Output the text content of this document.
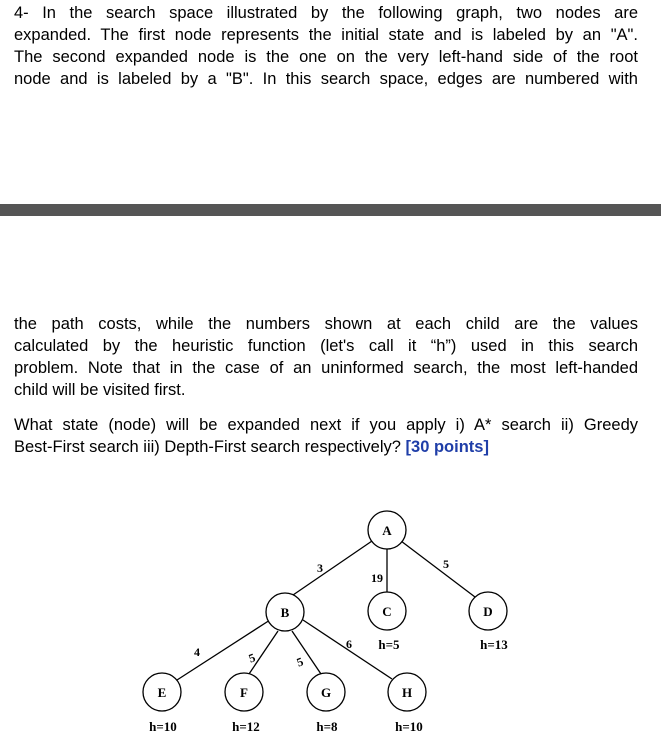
4- In the search space illustrated by the following graph, two nodes are
expanded. The first node represents the initial state and is labeled by an "A".
The second expanded node is the one on the very left-hand side of the root
node and is labeled by a "B". In this search space, edges are numbered with
the path costs, while the numbers shown at each child are the values
calculated by the heuristic function (let's call it “h”) used in this search
problem. Note that in the case of an uninformed search, the most left-handed
child will be visited first.
What state (node) will be expanded next if you apply i) A* search ii) Greedy
Best-First search iii) Depth-First search respectively? [30 points]
3
19
5
4	5	5
6
A
B	C	D
E	F	G	H
h=5	h=13
h=10	h=12	h=8	h=10
